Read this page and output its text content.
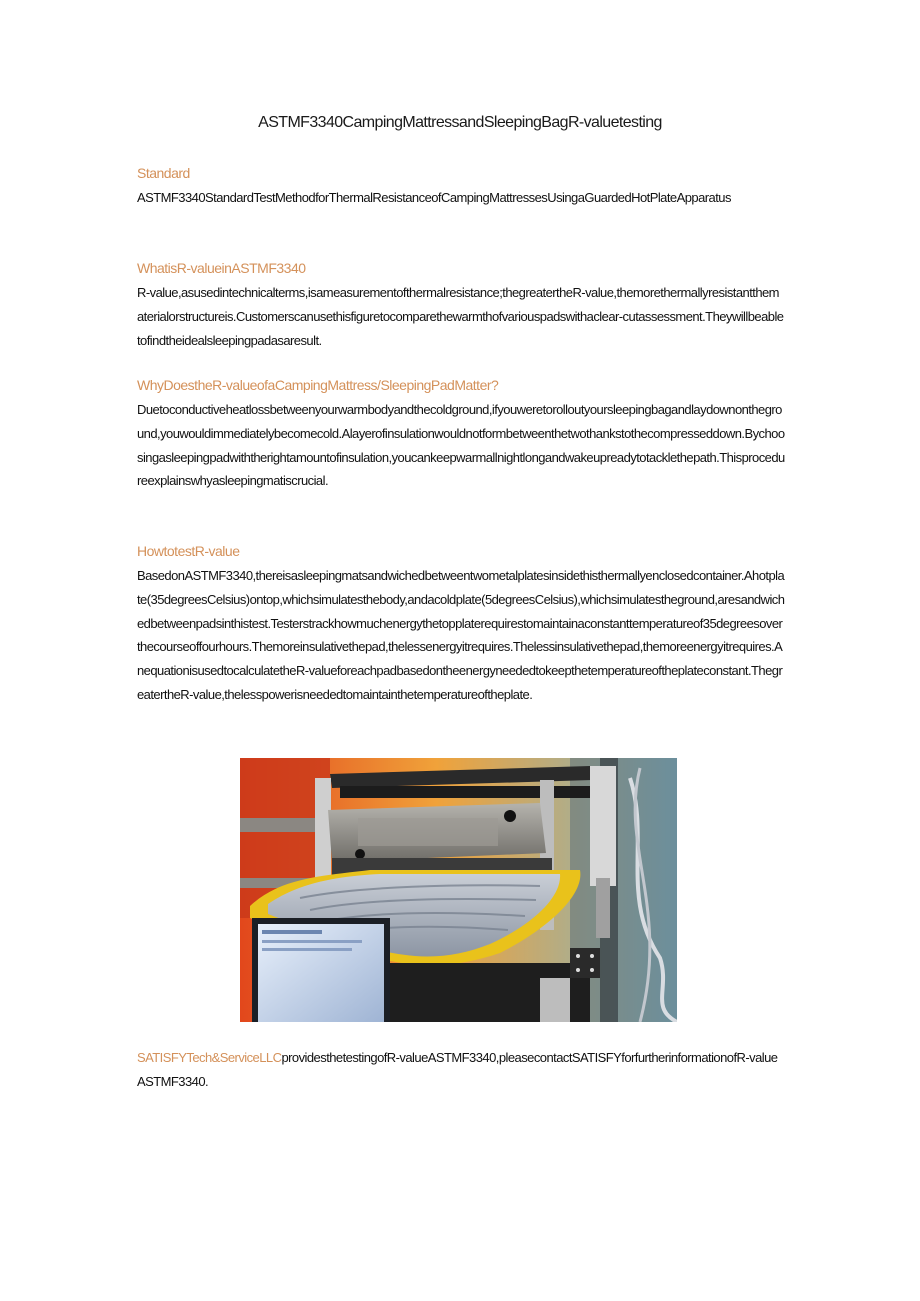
ASTMF3340CampingMattressandSleepingBagR-valuetesting

Standard

ASTMF3340StandardTestMethodforThermalResistanceofCampingMattressesUsingaGuardedHotPlateApparatus

WhatisR-valueinASTMF3340

R-value,asusedintechnicalterms,isameasurementofthermalresistance;thegreatertheR-value,themorethermallyresistantthematerialorstructureis.Customerscanusethisfiguretocomparethewarmthofvariouspadswithaclear-cutassessment.Theywillbeabletofindtheidealsleepingpadasaresult.

WhyDoestheR-valueofaCampingMattress/SleepingPadMatter?

Duetoconductiveheatlossbetweenyourwarmbodyandthecoldground,ifyouweretorolloutyoursleepingbagandlaydownontheground,youwouldimmediatelybecomecold.Alayerofinsulationwouldnotformbetweenthetwothankstothecompresseddown.Bychoosingasleepingpadwiththerightamountofinsulation,youcankeepwarmallnightlongandwakeupreadytotacklethepath.Thisprocedureexplainswhyasleepingmatiscrucial.

HowtotestR-value

BasedonASTMF3340,thereisasleepingmatsandwichedbetweentwometalplatesinsidethisthermallyenclosedcontainer.Ahotplate(35degreesCelsius)ontop,whichsimulatesthebody,andacoldplate(5degreesCelsius),whichsimulatestheground,aresandwichedbetweenpadsinthistest.Testerstrackhowmuchenergythetopplaterequirestomaintainaconstanttemperatureof35degreesoverthecourseoffourhours.Themoreinsulativethepad,thelessenergyitrequires.Thelessinsulativethepad,themoreenergyitrequires.AnequationisusedtocalculatetheR-valueforeachpadbasedontheenergyneededtokeepthetemperatureoftheplateconstant.ThegreatertheR-value,thelesspowerisneededtomaintainthetemperatureoftheplate.

SATISFYTech&ServiceLLCprovidesthetestingofR-valueASTMF3340,pleasecontactSATISFYforfurtherinformationofR-valueASTMF3340.
